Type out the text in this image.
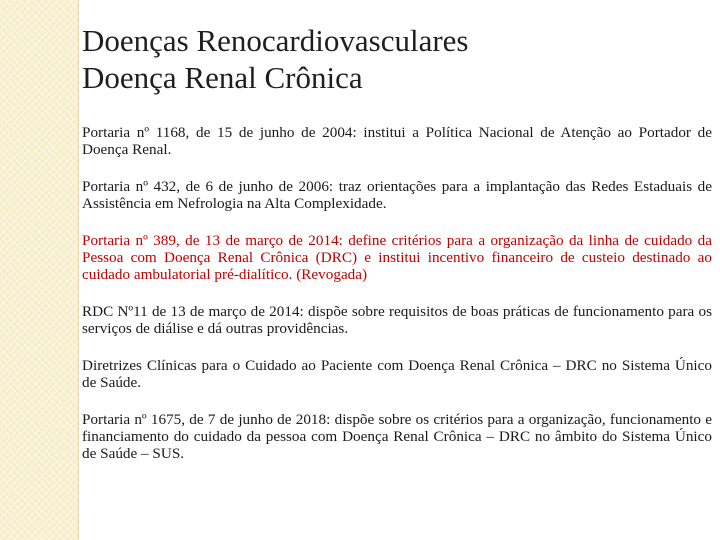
Doenças Renocardiovasculares
Doença Renal Crônica
Portaria nº 1168, de 15 de junho de 2004: institui a Política Nacional de Atenção ao Portador de Doença Renal.
Portaria nº 432, de 6 de junho de 2006: traz orientações para a implantação das Redes Estaduais de Assistência em Nefrologia na Alta Complexidade.
Portaria nº 389, de 13 de março de 2014: define critérios para a organização da linha de cuidado da Pessoa com Doença Renal Crônica (DRC) e institui incentivo financeiro de custeio destinado ao cuidado ambulatorial pré-dialítico. (Revogada)
RDC Nº11 de 13 de março de 2014: dispõe sobre requisitos de boas práticas de funcionamento para os serviços de diálise e dá outras providências.
Diretrizes Clínicas para o Cuidado ao Paciente com Doença Renal Crônica – DRC no Sistema Único de Saúde.
Portaria nº 1675, de 7 de junho de 2018: dispõe sobre os critérios para a organização, funcionamento e financiamento do cuidado da pessoa com Doença Renal Crônica – DRC no âmbito do Sistema Único de Saúde – SUS.
